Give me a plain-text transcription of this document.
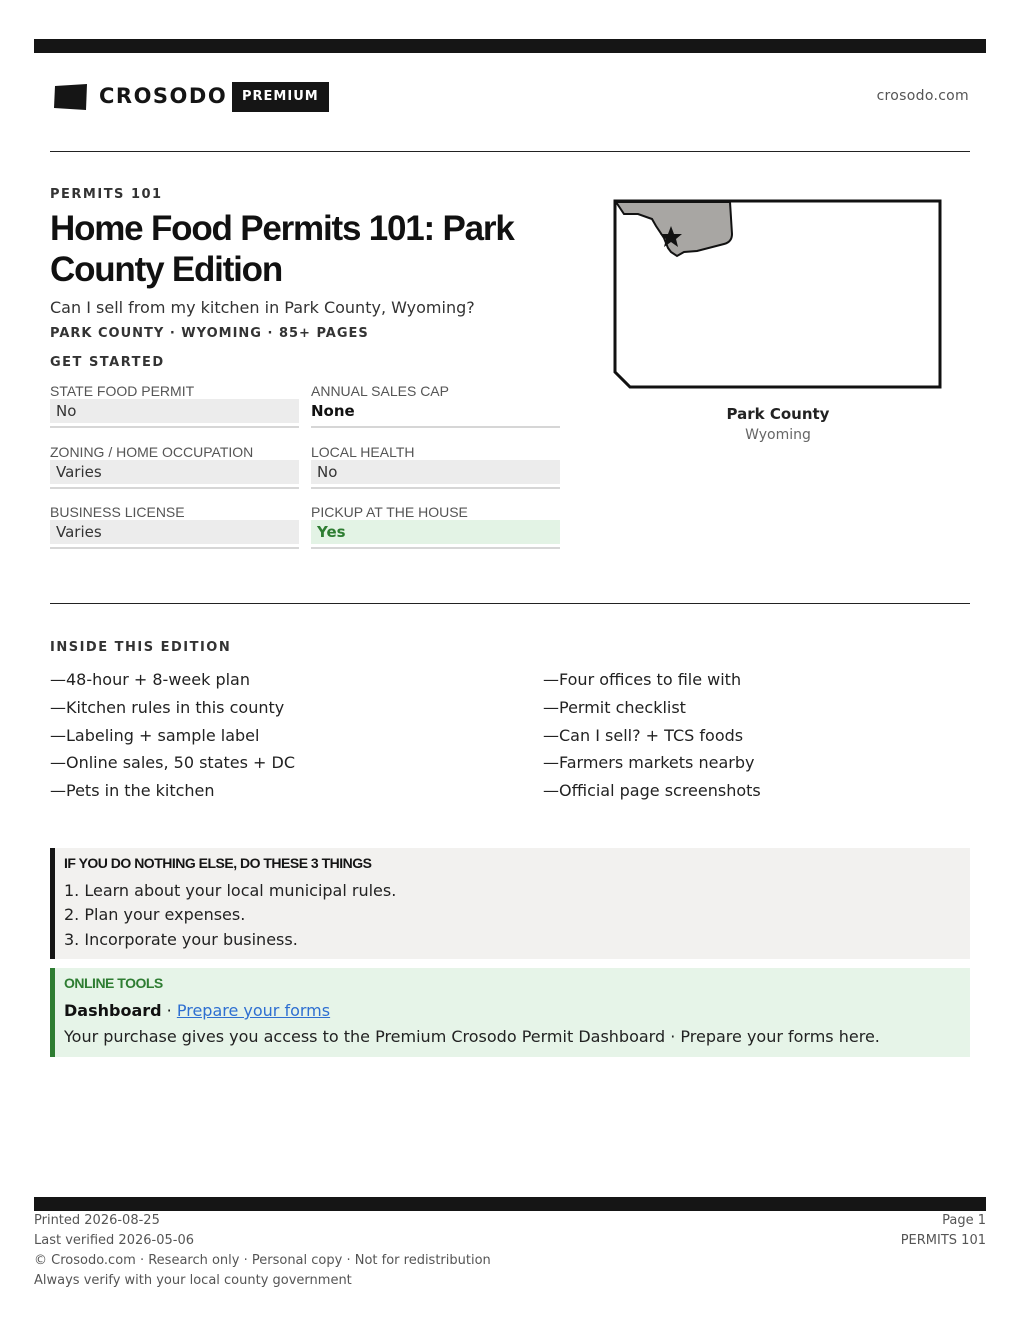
CROSODO	PREMIUM	crosodo.com
PERMITS 101
Home Food Permits 101: Park County Edition
Can I sell from my kitchen in Park County, Wyoming?
PARK COUNTY · WYOMING · 85+ PAGES
GET STARTED
STATE FOOD PERMIT
No
ANNUAL SALES CAP
None
ZONING / HOME OCCUPATION
Varies
LOCAL HEALTH
No
BUSINESS LICENSE
Varies
PICKUP AT THE HOUSE
Yes
Park County
Wyoming
INSIDE THIS EDITION
—48-hour + 8-week plan
—Kitchen rules in this county
—Labeling + sample label
—Online sales, 50 states + DC
—Pets in the kitchen
—Four offices to file with
—Permit checklist
—Can I sell? + TCS foods
—Farmers markets nearby
—Official page screenshots
IF YOU DO NOTHING ELSE, DO THESE 3 THINGS
1. Learn about your local municipal rules.
2. Plan your expenses.
3. Incorporate your business.
ONLINE TOOLS
Dashboard · Prepare your forms
Your purchase gives you access to the Premium Crosodo Permit Dashboard · Prepare your forms here.
Printed 2026-08-25
Last verified 2026-05-06
© Crosodo.com · Research only · Personal copy · Not for redistribution
Always verify with your local county government
Page 1
PERMITS 101
